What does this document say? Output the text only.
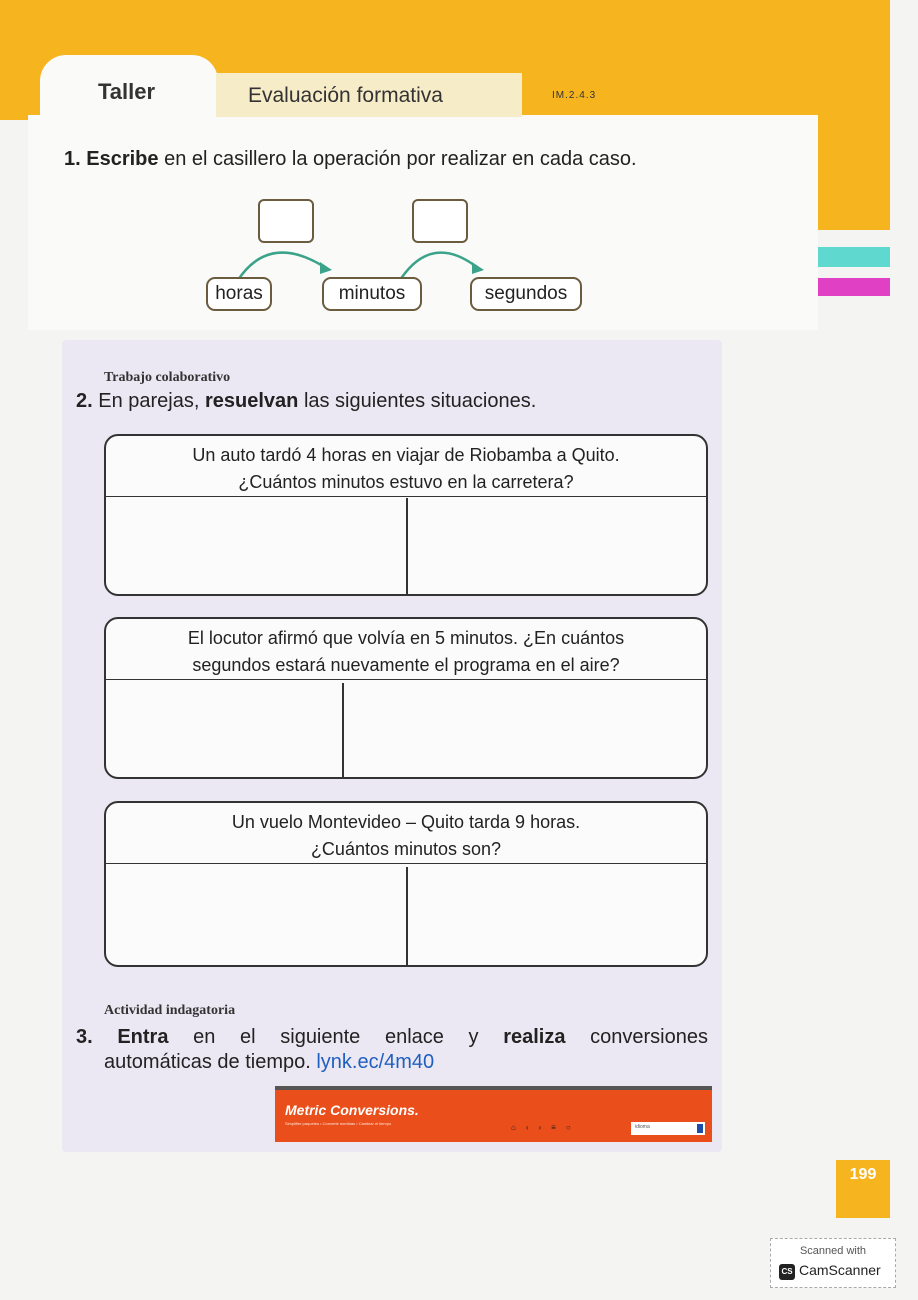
Taller	Evaluación formativa	IM.2.4.3
1. Escribe en el casillero la operación por realizar en cada caso.
horas	minutos	segundos
Trabajo colaborativo
2. En parejas, resuelvan las siguientes situaciones.
Un auto tardó 4 horas en viajar de Riobamba a Quito.
¿Cuántos minutos estuvo en la carretera?
El locutor afirmó que volvía en 5 minutos. ¿En cuántos
segundos estará nuevamente el programa en el aire?
Un vuelo Montevideo – Quito tarda 9 horas.
¿Cuántos minutos son?
Actividad indagatoria
3. Entra en el siguiente enlace y realiza conversiones
automáticas de tiempo. lynk.ec/4m40
Metric Conversions.
Simplifier paquetes • Convertir medidas • Cambiar el tiempo	⌂‹›≡○	idioma
199
Scanned with
CS CamScanner
